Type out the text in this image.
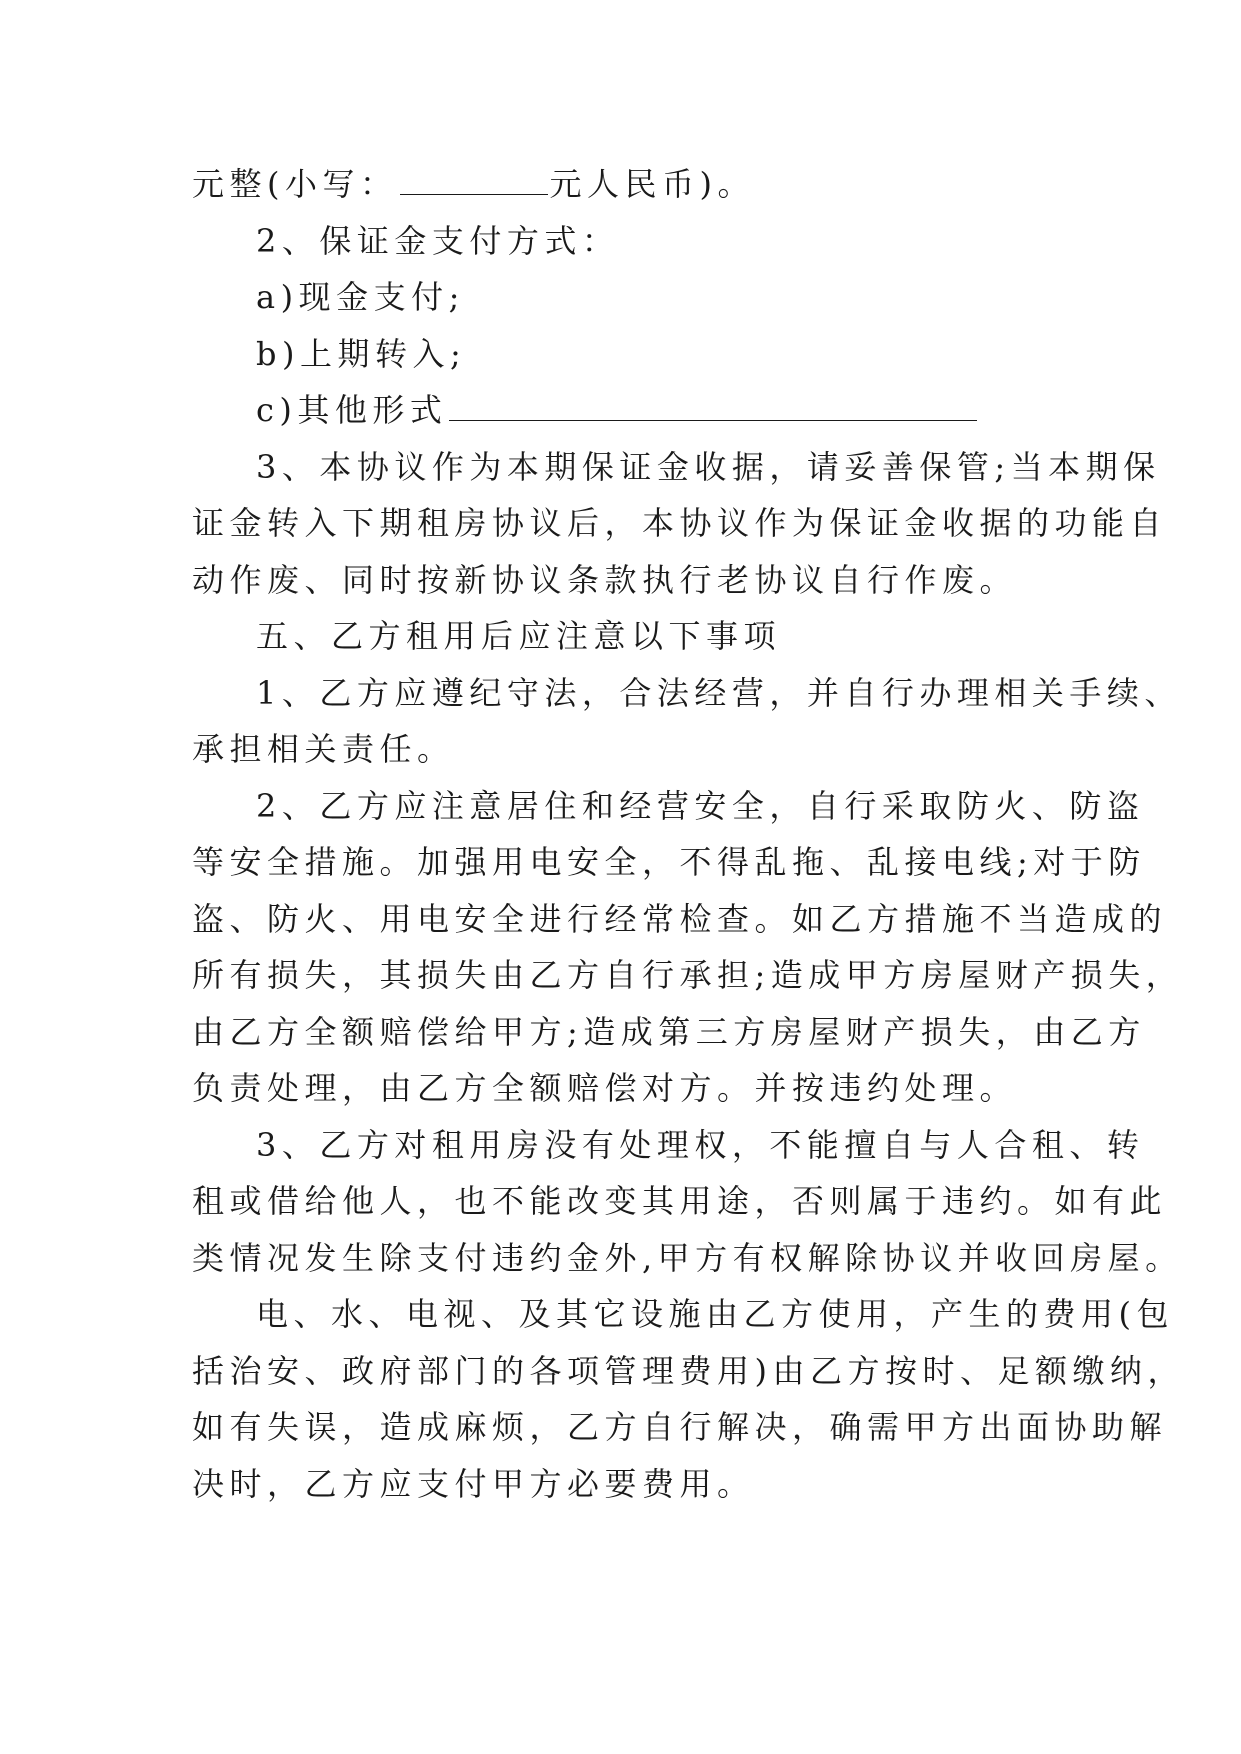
元整(小写：	元人民币)。
2、保证金支付方式：
a)现金支付;
b)上期转入;
c)其他形式
3、本协议作为本期保证金收据，请妥善保管;当本期保
证金转入下期租房协议后，本协议作为保证金收据的功能自
动作废、同时按新协议条款执行老协议自行作废。
五、乙方租用后应注意以下事项
1、乙方应遵纪守法，合法经营，并自行办理相关手续、
承担相关责任。
2、乙方应注意居住和经营安全，自行采取防火、防盗
等安全措施。加强用电安全，不得乱拖、乱接电线;对于防
盗、防火、用电安全进行经常检查。如乙方措施不当造成的
所有损失，其损失由乙方自行承担;造成甲方房屋财产损失，
由乙方全额赔偿给甲方;造成第三方房屋财产损失，由乙方
负责处理，由乙方全额赔偿对方。并按违约处理。
3、乙方对租用房没有处理权，不能擅自与人合租、转
租或借给他人，也不能改变其用途，否则属于违约。如有此
类情况发生除支付违约金外,甲方有权解除协议并收回房屋。
电、水、电视、及其它设施由乙方使用，产生的费用(包
括治安、政府部门的各项管理费用)由乙方按时、足额缴纳，
如有失误，造成麻烦，乙方自行解决，确需甲方出面协助解
决时，乙方应支付甲方必要费用。
